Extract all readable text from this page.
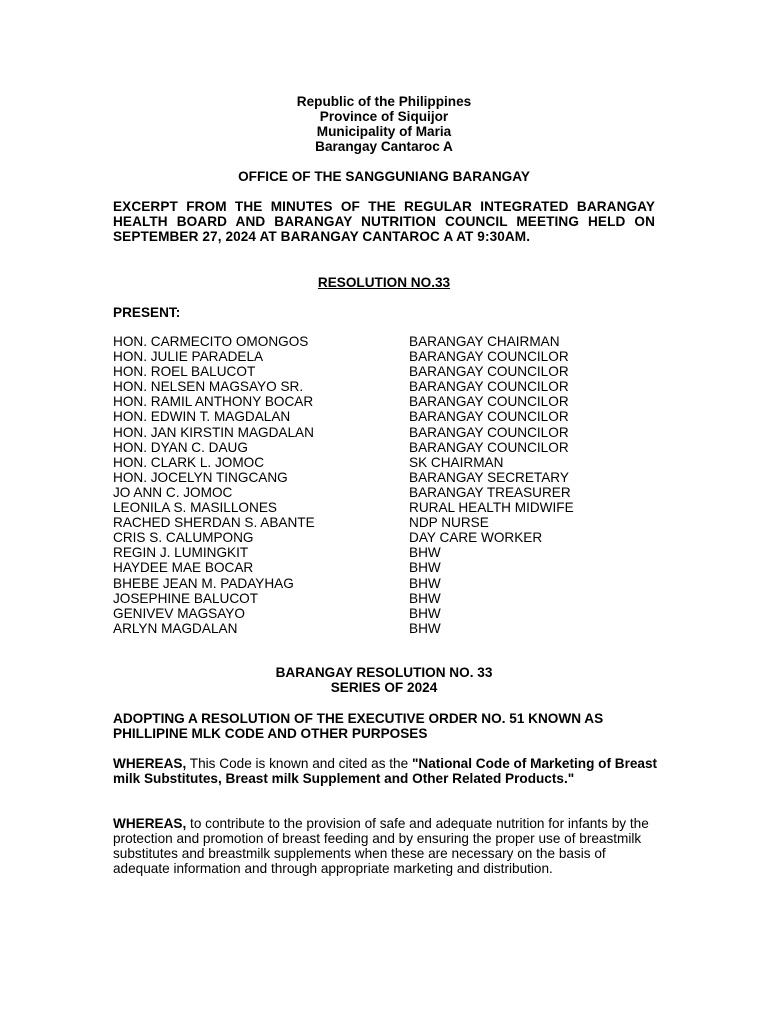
Republic of the Philippines
Province of Siquijor
Municipality of Maria
Barangay Cantaroc A
OFFICE OF THE SANGGUNIANG BARANGAY
EXCERPT FROM THE MINUTES OF THE REGULAR INTEGRATED BARANGAY HEALTH BOARD AND BARANGAY NUTRITION COUNCIL MEETING HELD ON SEPTEMBER 27, 2024 AT BARANGAY CANTAROC A AT 9:30AM.
RESOLUTION NO.33
PRESENT:
HON. CARMECITO OMONGOS	BARANGAY CHAIRMAN
HON. JULIE PARADELA	BARANGAY COUNCILOR
HON. ROEL BALUCOT	BARANGAY COUNCILOR
HON. NELSEN MAGSAYO SR.	BARANGAY COUNCILOR
HON. RAMIL ANTHONY BOCAR	BARANGAY COUNCILOR
HON. EDWIN T. MAGDALAN	BARANGAY COUNCILOR
HON. JAN KIRSTIN MAGDALAN	BARANGAY COUNCILOR
HON. DYAN C. DAUG	BARANGAY COUNCILOR
HON. CLARK L. JOMOC	SK CHAIRMAN
HON. JOCELYN TINGCANG	BARANGAY SECRETARY
JO ANN C. JOMOC	BARANGAY TREASURER
LEONILA S. MASILLONES	RURAL HEALTH MIDWIFE
RACHED SHERDAN S. ABANTE	NDP NURSE
CRIS S. CALUMPONG	DAY CARE WORKER
REGIN J. LUMINGKIT	BHW
HAYDEE MAE BOCAR	BHW
BHEBE JEAN M. PADAYHAG	BHW
JOSEPHINE BALUCOT	BHW
GENIVEV MAGSAYO	BHW
ARLYN MAGDALAN	BHW
BARANGAY RESOLUTION NO. 33
SERIES OF 2024
ADOPTING A RESOLUTION OF THE EXECUTIVE ORDER NO. 51 KNOWN AS PHILLIPINE MLK CODE AND OTHER PURPOSES
WHEREAS, This Code is known and cited as the "National Code of Marketing of Breast milk Substitutes, Breast milk Supplement and Other Related Products."
WHEREAS, to contribute to the provision of safe and adequate nutrition for infants by the protection and promotion of breast feeding and by ensuring the proper use of breastmilk substitutes and breastmilk supplements when these are necessary on the basis of adequate information and through appropriate marketing and distribution.
